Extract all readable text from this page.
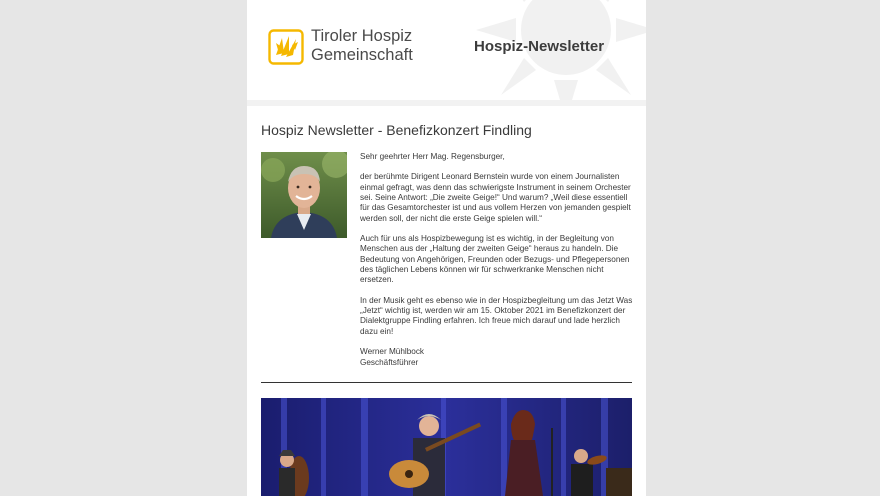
Tiroler Hospiz
Gemeinschaft	Hospiz-Newsletter
Hospiz Newsletter - Benefizkonzert Findling

Sehr geehrter Herr Mag. Regensburger,

der berühmte Dirigent Leonard Bernstein wurde von einem Journalisten einmal gefragt, was denn das schwierigste Instrument in seinem Orchester sei. Seine Antwort: „Die zweite Geige!“ Und warum? „Weil diese essentiell für das Gesamtorchester ist und aus vollem Herzen von jemanden gespielt werden soll, der nicht die erste Geige spielen will.“

Auch für uns als Hospizbewegung ist es wichtig, in der Begleitung von Menschen aus der „Haltung der zweiten Geige“ heraus zu handeln. Die Bedeutung von Angehörigen, Freunden oder Bezugs- und Pflegepersonen des täglichen Lebens können wir für schwerkranke Menschen nicht ersetzen.

In der Musik geht es ebenso wie in der Hospizbegleitung um das Jetzt Was „Jetzt“ wichtig ist, werden wir am 15. Oktober 2021 im Benefizkonzert der Dialektgruppe Findling erfahren. Ich freue mich darauf und lade herzlich dazu ein!

Werner Mühlbock

Geschäftsführer
